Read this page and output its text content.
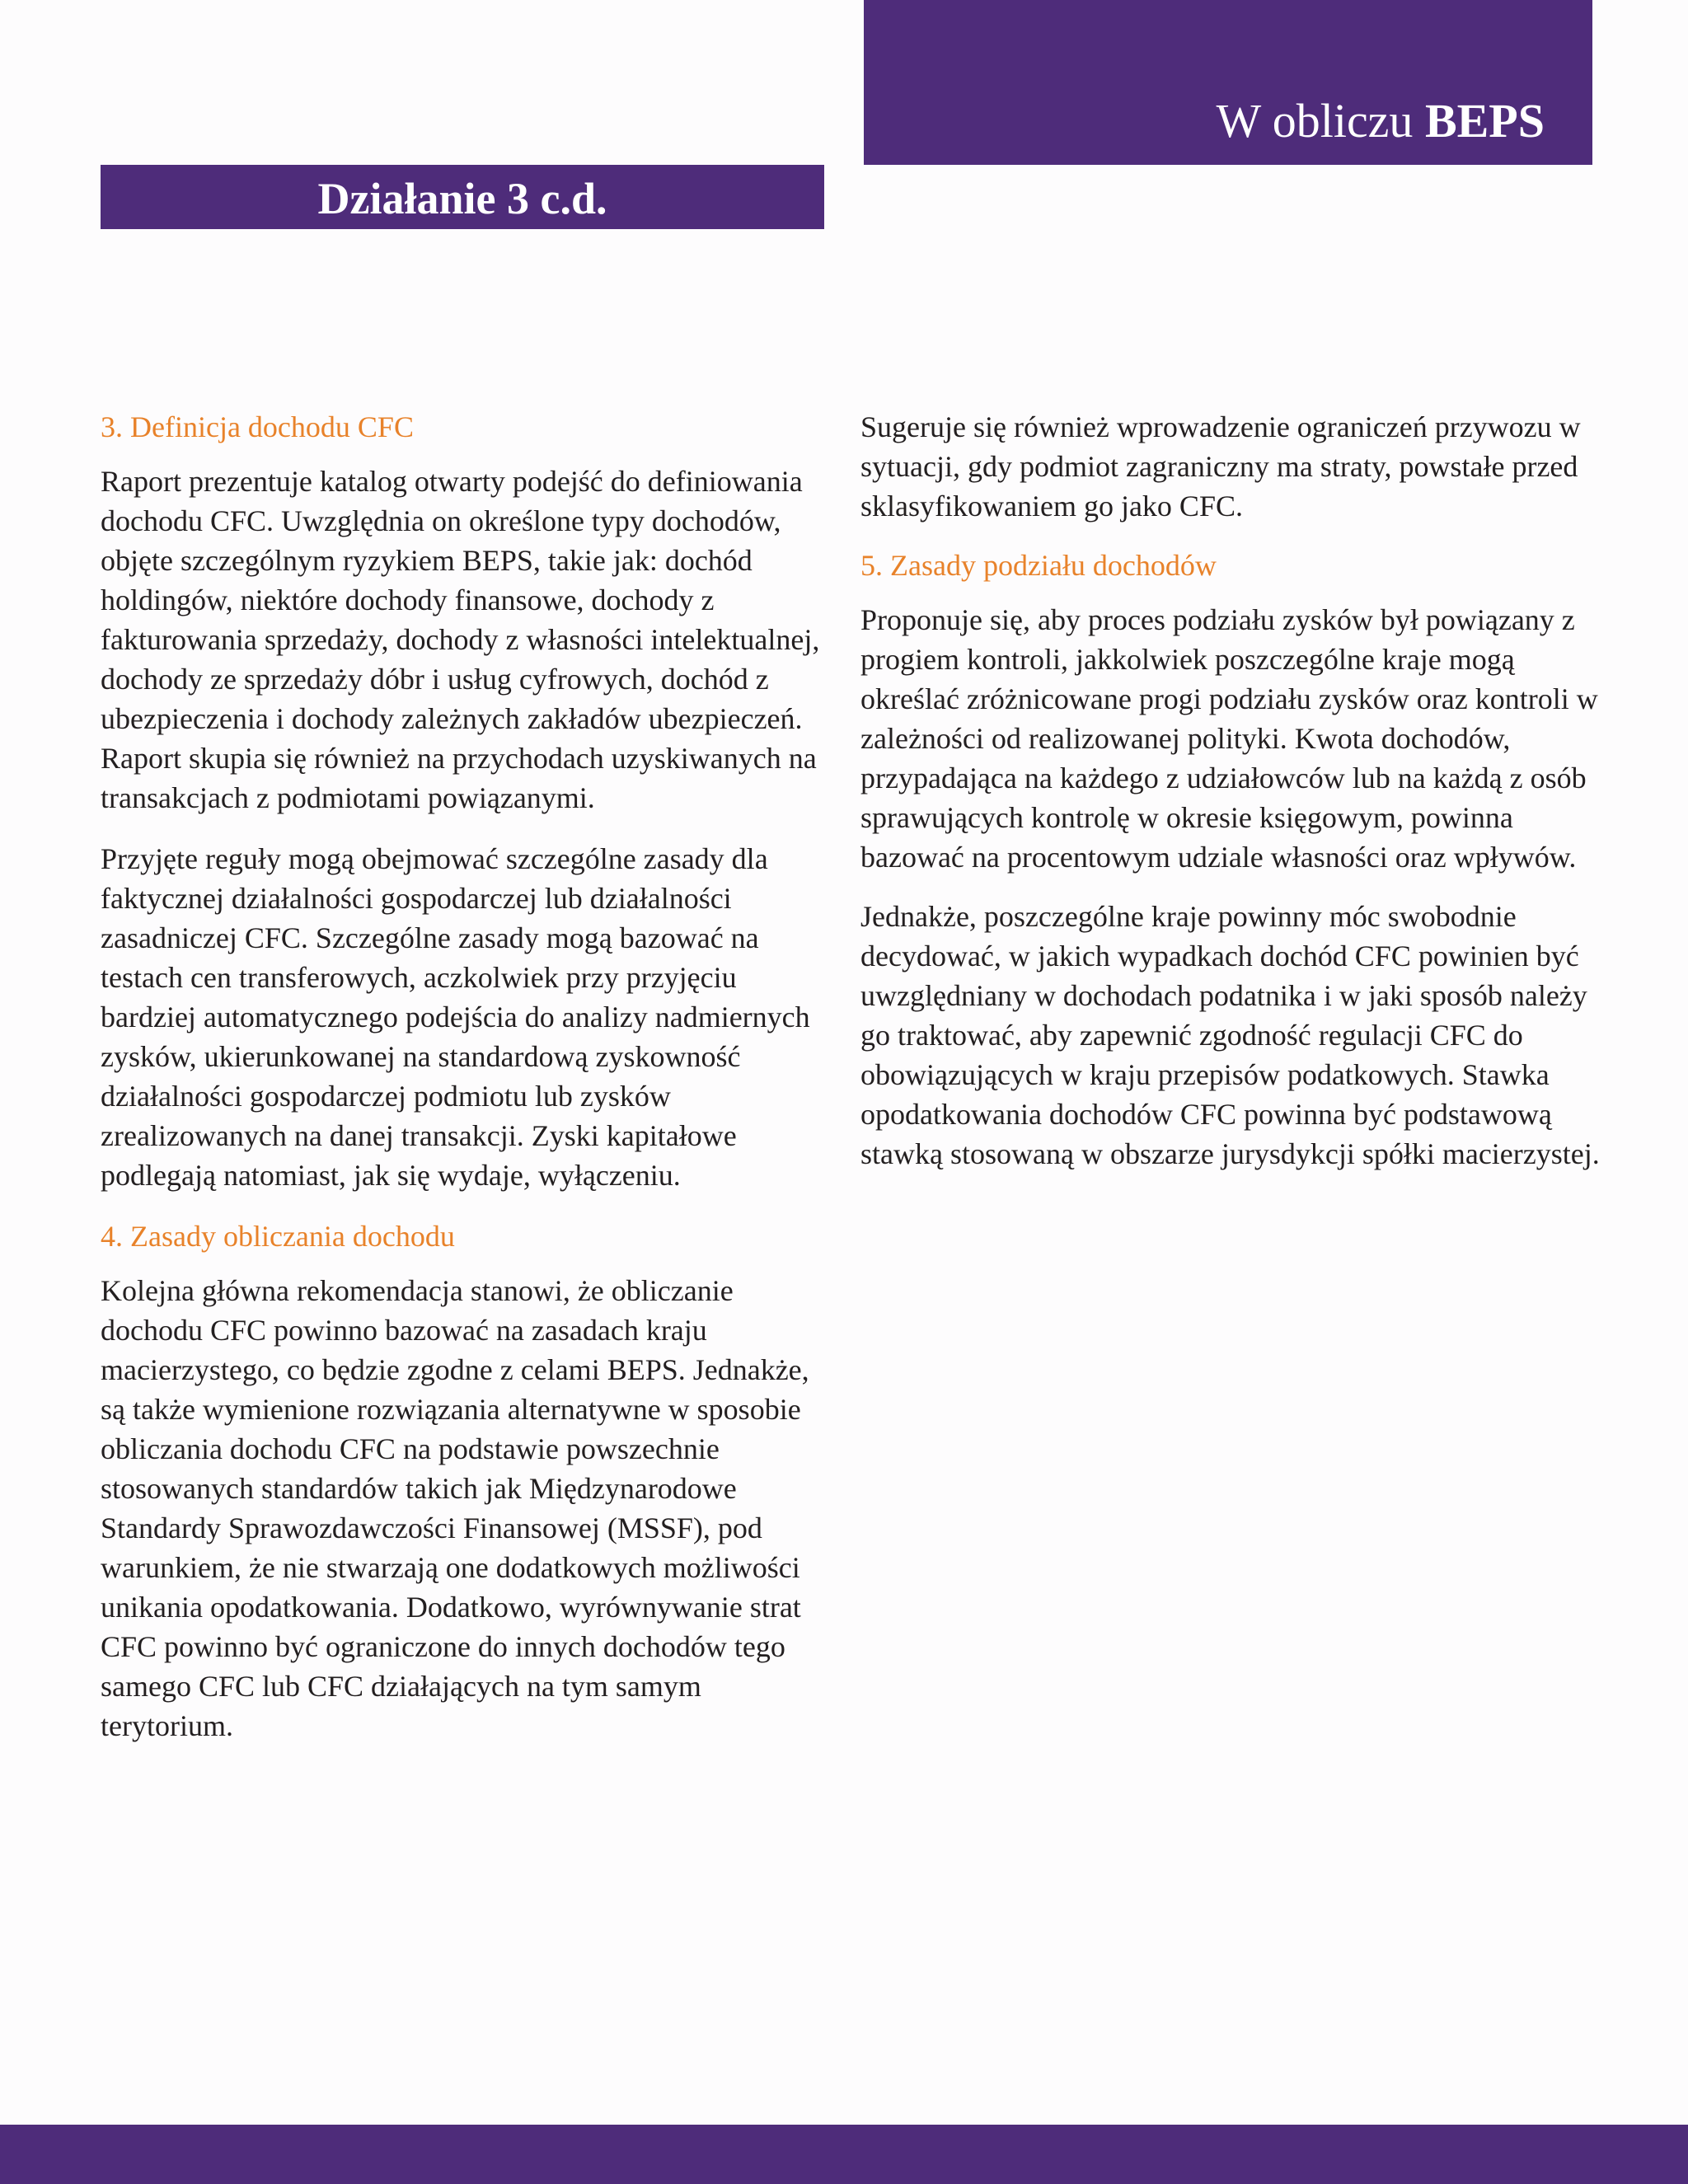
W obliczu BEPS
Działanie 3 c.d.
3. Definicja dochodu CFC

Raport prezentuje katalog otwarty podejść do definiowania dochodu CFC. Uwzględnia on określone typy dochodów, objęte szczególnym ryzykiem BEPS, takie jak: dochód holdingów, niektóre dochody finansowe, dochody z fakturowania sprzedaży, dochody z własności intelektualnej, dochody ze sprzedaży dóbr i usług cyfrowych, dochód z ubezpieczenia i dochody zależnych zakładów ubezpieczeń. Raport skupia się również na przychodach uzyskiwanych na transakcjach z podmiotami powiązanymi.

Przyjęte reguły mogą obejmować szczególne zasady dla faktycznej działalności gospodarczej lub działalności zasadniczej CFC. Szczególne zasady mogą bazować na testach cen transferowych, aczkolwiek przy przyjęciu bardziej automatycznego podejścia do analizy nadmiernych zysków, ukierunkowanej na standardową zyskowność działalności gospodarczej podmiotu lub zysków zrealizowanych na danej transakcji. Zyski kapitałowe podlegają natomiast, jak się wydaje, wyłączeniu.

4. Zasady obliczania dochodu

Kolejna główna rekomendacja stanowi, że obliczanie dochodu CFC powinno bazować na zasadach kraju macierzystego, co będzie zgodne z celami BEPS. Jednakże, są także wymienione rozwiązania alternatywne w sposobie obliczania dochodu CFC na podstawie powszechnie stosowanych standardów takich jak Międzynarodowe Standardy Sprawozdawczości Finansowej (MSSF), pod warunkiem, że nie stwarzają one dodatkowych możliwości unikania opodatkowania. Dodatkowo, wyrównywanie strat CFC powinno być ograniczone do innych dochodów tego samego CFC lub CFC działających na tym samym terytorium.

Sugeruje się również wprowadzenie ograniczeń przywozu w sytuacji, gdy podmiot zagraniczny ma straty, powstałe przed sklasyfikowaniem go jako CFC.

5. Zasady podziału dochodów

Proponuje się, aby proces podziału zysków był powiązany z progiem kontroli, jakkolwiek poszczególne kraje mogą określać zróżnicowane progi podziału zysków oraz kontroli w zależności od realizowanej polityki. Kwota dochodów, przypadająca na każdego z udziałowców lub na każdą z osób sprawujących kontrolę w okresie księgowym, powinna bazować na procentowym udziale własności oraz wpływów.

Jednakże, poszczególne kraje powinny móc swobodnie decydować, w jakich wypadkach dochód CFC powinien być uwzględniany w dochodach podatnika i w jaki sposób należy go traktować, aby zapewnić zgodność regulacji CFC do obowiązujących w kraju przepisów podatkowych. Stawka opodatkowania dochodów CFC powinna być podstawową stawką stosowaną w obszarze jurysdykcji spółki macierzystej.
